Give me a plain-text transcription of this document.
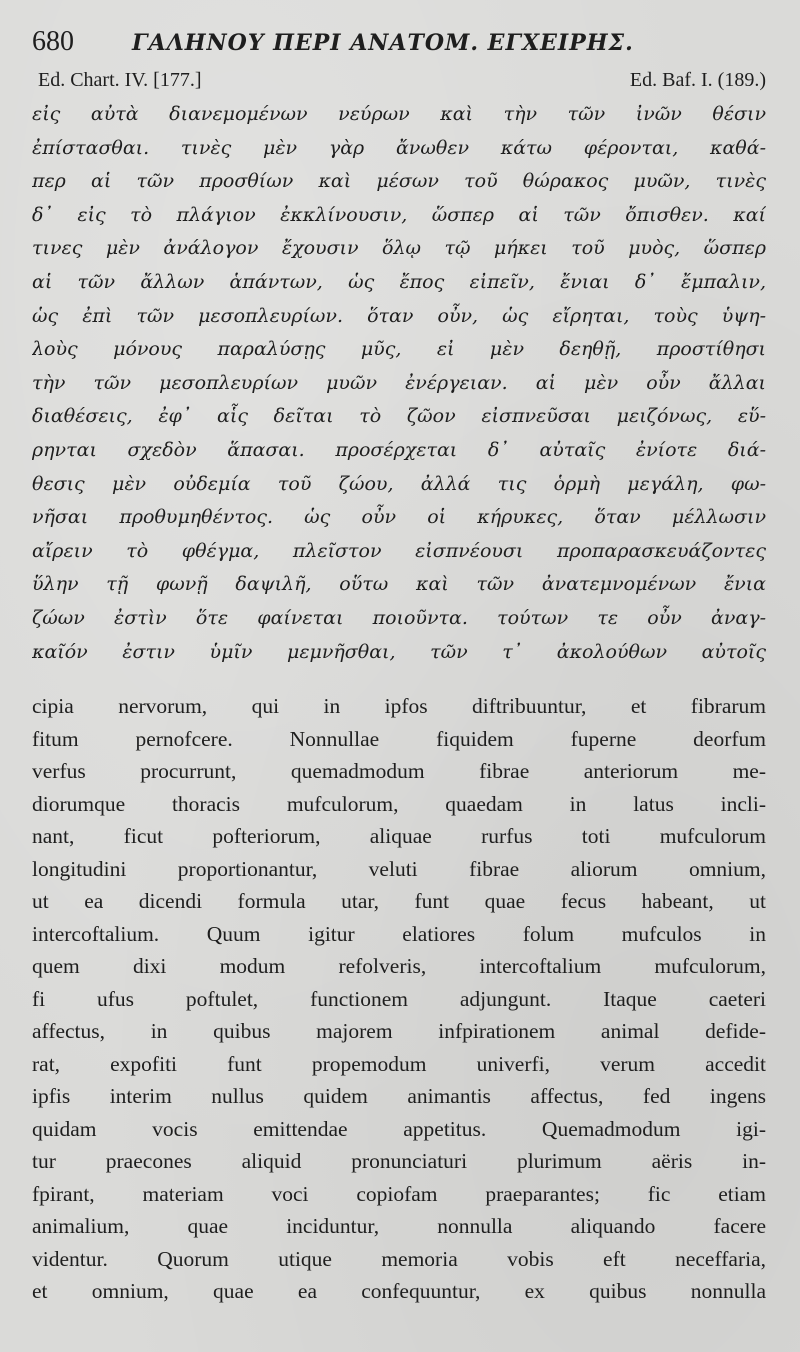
680	ΓΑΛΗΝΟΥ ΠΕΡΙ ΑΝΑΤΟΜ. ΕΓΧΕΙΡΗΣ.
Ed. Chart. IV. [177.]	Ed. Baf. I. (189.)
εἰς αὐτὰ διανεμομένων νεύρων καὶ τὴν τῶν ἰνῶν θέσιν
ἐπίστασθαι. τινὲς μὲν γὰρ ἄνωθεν κάτω φέρονται, καθά-
περ αἱ τῶν προσθίων καὶ μέσων τοῦ θώρακος μυῶν, τινὲς
δ᾽ εἰς τὸ πλάγιον ἐκκλίνουσιν, ὥσπερ αἱ τῶν ὄπισθεν. καί
τινες μὲν ἀνάλογον ἔχουσιν ὅλῳ τῷ μήκει τοῦ μυὸς, ὥσπερ
αἱ τῶν ἄλλων ἁπάντων, ὡς ἔπος εἰπεῖν, ἔνιαι δ᾽ ἔμπαλιν,
ὡς ἐπὶ τῶν μεσοπλευρίων. ὅταν οὖν, ὡς εἴρηται, τοὺς ὑψη-
λοὺς μόνους παραλύσῃς μῦς, εἰ μὲν δεηθῇ, προστίθησι
τὴν τῶν μεσοπλευρίων μυῶν ἐνέργειαν. αἱ μὲν οὖν ἄλλαι
διαθέσεις, ἐφ᾽ αἷς δεῖται τὸ ζῶον εἰσπνεῦσαι μειζόνως, εὕ-
ρηνται σχεδὸν ἅπασαι. προσέρχεται δ᾽ αὐταῖς ἐνίοτε διά-
θεσις μὲν οὐδεμία τοῦ ζώου, ἀλλά τις ὁρμὴ μεγάλη, φω-
νῆσαι προθυμηθέντος. ὡς οὖν οἱ κήρυκες, ὅταν μέλλωσιν
αἴρειν τὸ φθέγμα, πλεῖστον εἰσπνέουσι προπαρασκευάζοντες
ὕλην τῇ φωνῇ δαψιλῆ, οὕτω καὶ τῶν ἀνατεμνομένων ἔνια
ζώων ἐστὶν ὅτε φαίνεται ποιοῦντα. τούτων τε οὖν ἀναγ-
καῖόν ἐστιν ὑμῖν μεμνῆσθαι, τῶν τ᾽ ἀκολούθων αὐτοῖς
cipia nervorum, qui in ipfos diftribuuntur, et fibrarum
fitum pernofcere. Nonnullae fiquidem fuperne deorfum
verfus procurrunt, quemadmodum fibrae anteriorum me-
diorumque thoracis mufculorum, quaedam in latus incli-
nant, ficut pofteriorum, aliquae rurfus toti mufculorum
longitudini proportionantur, veluti fibrae aliorum omnium,
ut ea dicendi formula utar, funt quae fecus habeant, ut
intercoftalium. Quum igitur elatiores folum mufculos in
quem dixi modum refolveris, intercoftalium mufculorum,
fi ufus poftulet, functionem adjungunt. Itaque caeteri
affectus, in quibus majorem infpirationem animal defide-
rat, expofiti funt propemodum univerfi, verum accedit
ipfis interim nullus quidem animantis affectus, fed ingens
quidam vocis emittendae appetitus. Quemadmodum igi-
tur praecones aliquid pronunciaturi plurimum aëris in-
fpirant, materiam voci copiofam praeparantes; fic etiam
animalium, quae inciduntur, nonnulla aliquando facere
videntur. Quorum utique memoria vobis eft neceffaria,
et omnium, quae ea confequuntur, ex quibus nonnulla
